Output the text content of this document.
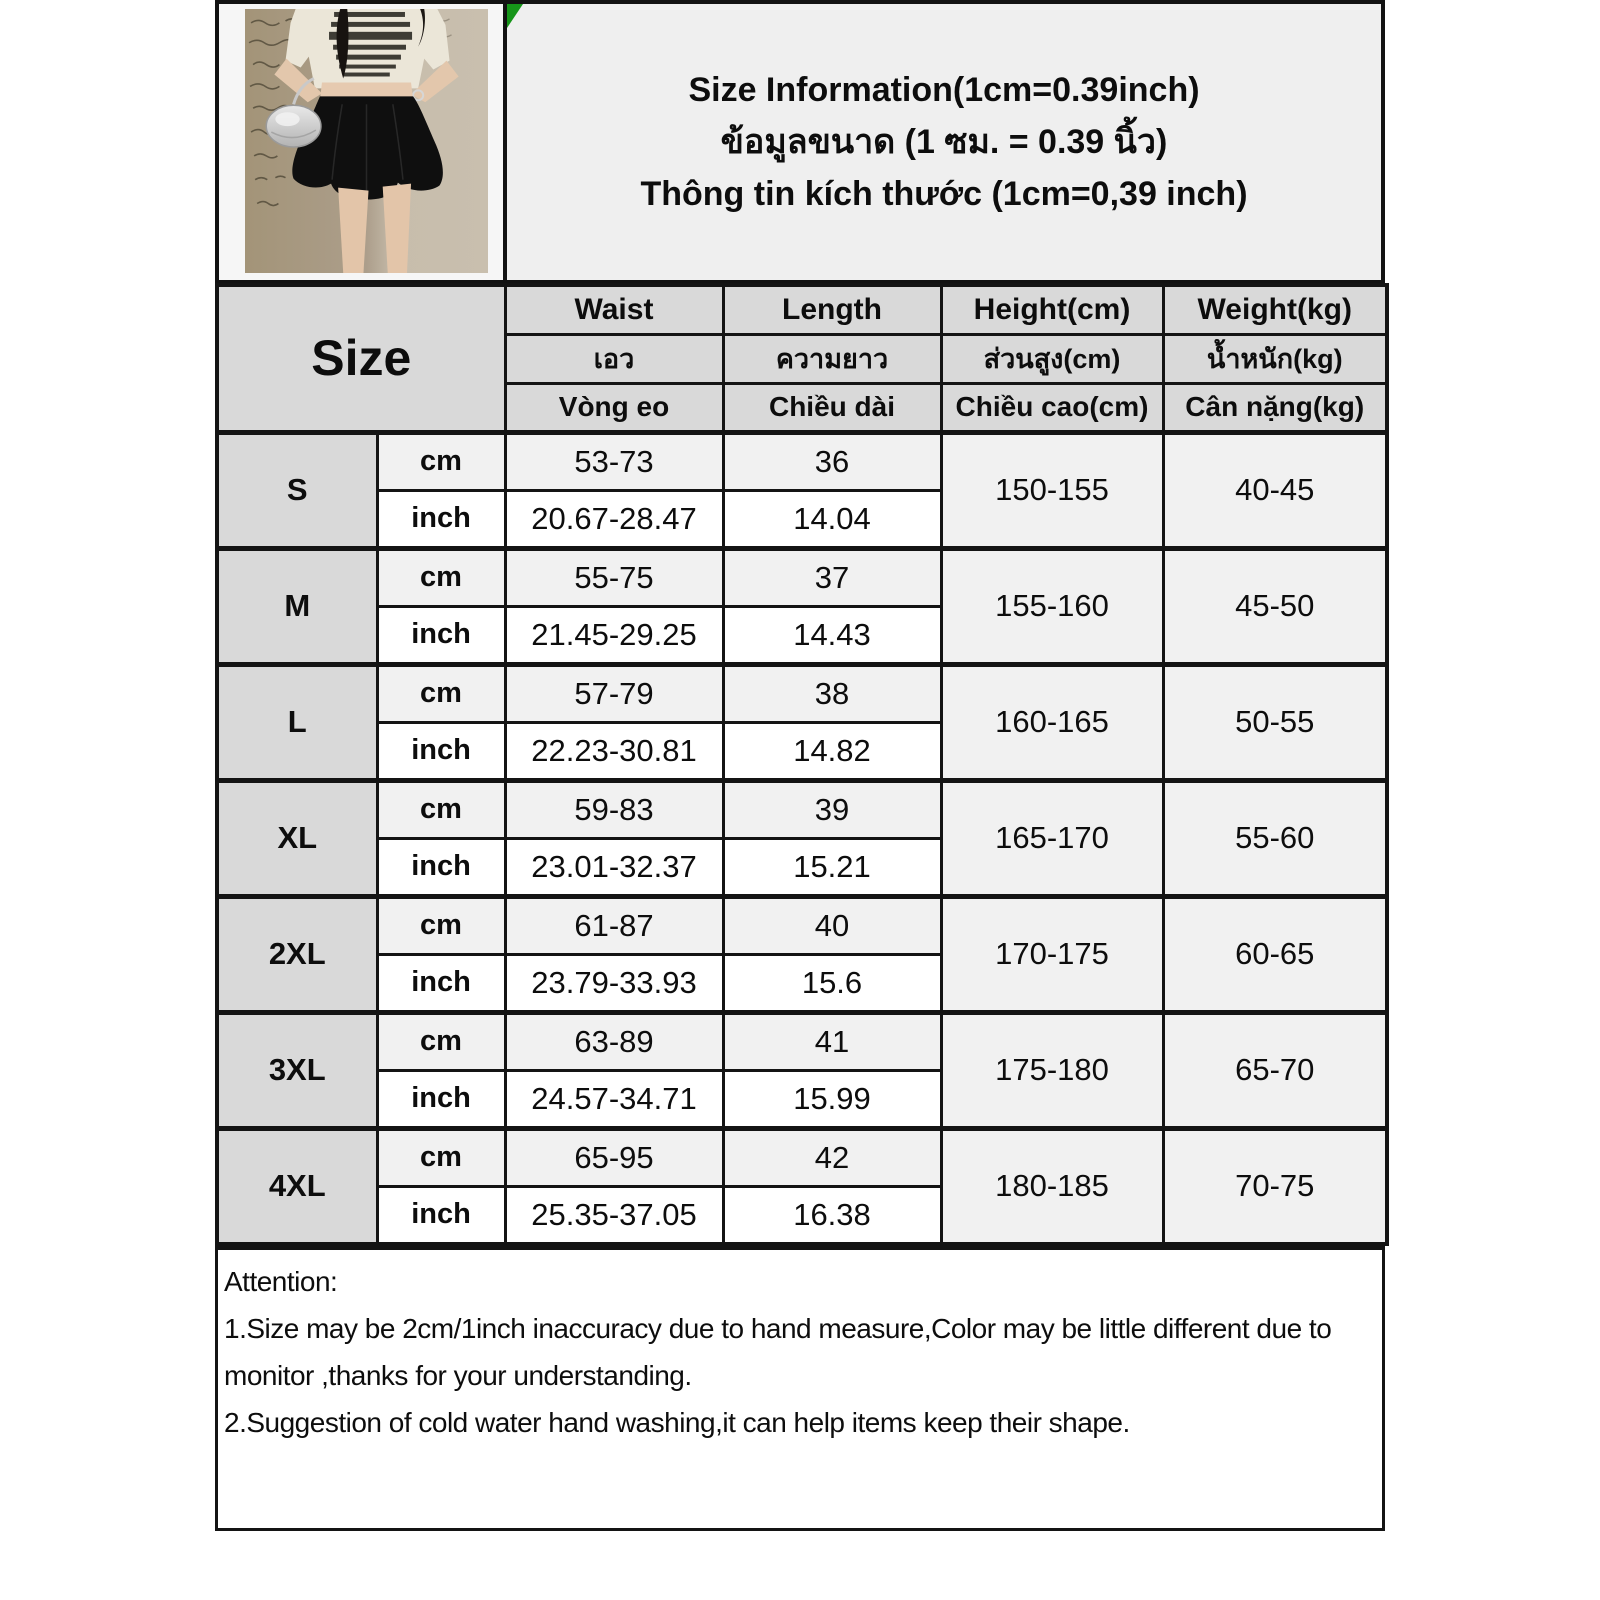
Size Information(1cm=0.39inch)
ข้อมูลขนาด (1 ซม. = 0.39 นิ้ว)
Thông tin kích thước (1cm=0,39 inch)
Size		Waist	Length	Height(cm)	Weight(kg)
		เอว	ความยาว	ส่วนสูง(cm)	น้ำหนัก(kg)
		Vòng eo	Chiều dài	Chiều cao(cm)	Cân nặng(kg)
S	cm	53-73	36	150-155	40-45
	inch	20.67-28.47	14.04		
M	cm	55-75	37	155-160	45-50
	inch	21.45-29.25	14.43		
L	cm	57-79	38	160-165	50-55
	inch	22.23-30.81	14.82		
XL	cm	59-83	39	165-170	55-60
	inch	23.01-32.37	15.21		
2XL	cm	61-87	40	170-175	60-65
	inch	23.79-33.93	15.6		
3XL	cm	63-89	41	175-180	65-70
	inch	24.57-34.71	15.99		
4XL	cm	65-95	42	180-185	70-75
	inch	25.35-37.05	16.38		

Attention:

1.Size may be 2cm/1inch inaccuracy due to hand measure,Color may be little different due to monitor ,thanks for your understanding.

2.Suggestion of cold water hand washing,it can help items keep their shape.
